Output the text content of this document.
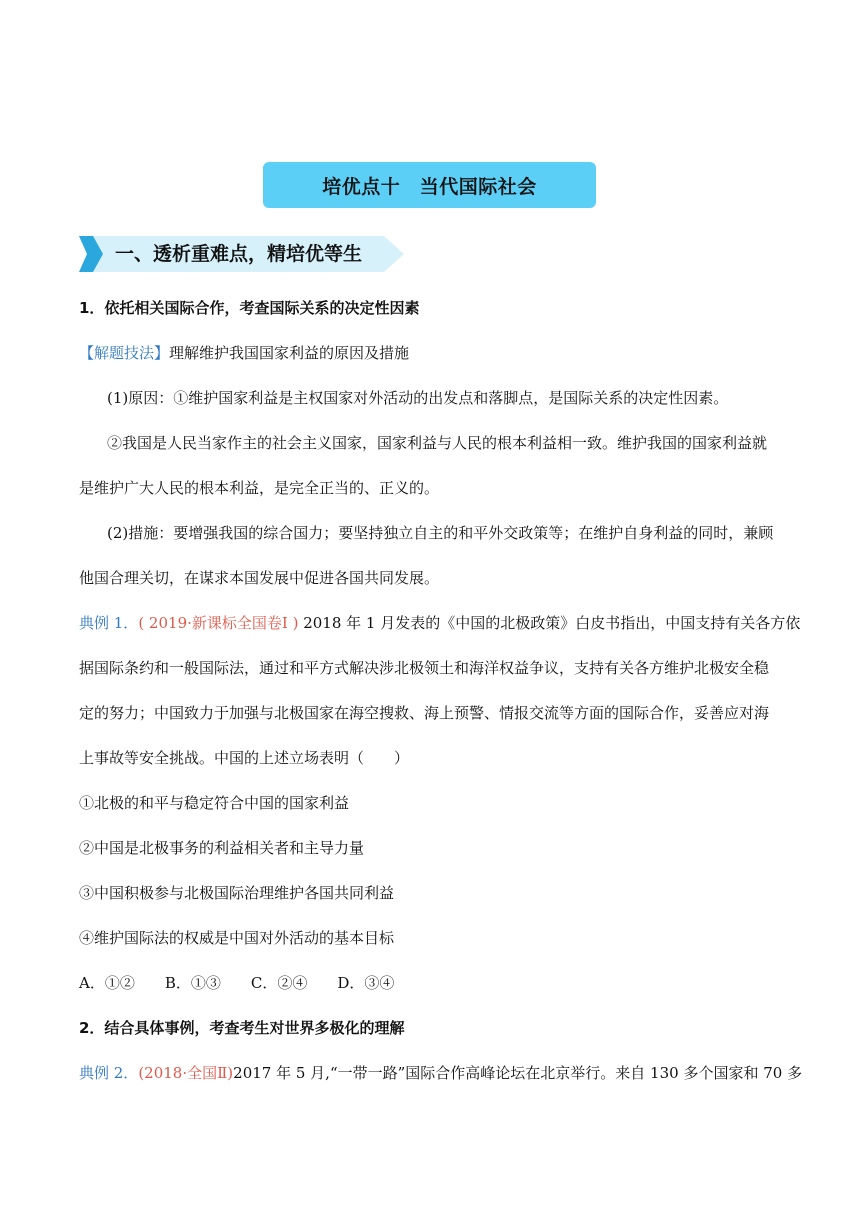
培优点十　当代国际社会
一、透析重难点，精培优等生
1．依托相关国际合作，考查国际关系的决定性因素
【解题技法】理解维护我国国家利益的原因及措施
(1)原因：①维护国家利益是主权国家对外活动的出发点和落脚点，是国际关系的决定性因素。
②我国是人民当家作主的社会主义国家，国家利益与人民的根本利益相一致。维护我国的国家利益就
是维护广大人民的根本利益，是完全正当的、正义的。
(2)措施：要增强我国的综合国力；要坚持独立自主的和平外交政策等；在维护自身利益的同时，兼顾
他国合理关切，在谋求本国发展中促进各国共同发展。
典例 1．( 2019·新课标全国卷Ⅰ ) 2018 年 1 月发表的《中国的北极政策》白皮书指出，中国支持有关各方依
据国际条约和一般国际法，通过和平方式解决涉北极领土和海洋权益争议，支持有关各方维护北极安全稳
定的努力；中国致力于加强与北极国家在海空搜救、海上预警、情报交流等方面的国际合作，妥善应对海
上事故等安全挑战。中国的上述立场表明（　　）
①北极的和平与稳定符合中国的国家利益
②中国是北极事务的利益相关者和主导力量
③中国积极参与北极国际治理维护各国共同利益
④维护国际法的权威是中国对外活动的基本目标
A．①②　　B．①③　　C．②④　　D．③④
2．结合具体事例，考查考生对世界多极化的理解
典例 2．(2018·全国Ⅱ)2017 年 5 月,“一带一路”国际合作高峰论坛在北京举行。来自 130 多个国家和 70 多
